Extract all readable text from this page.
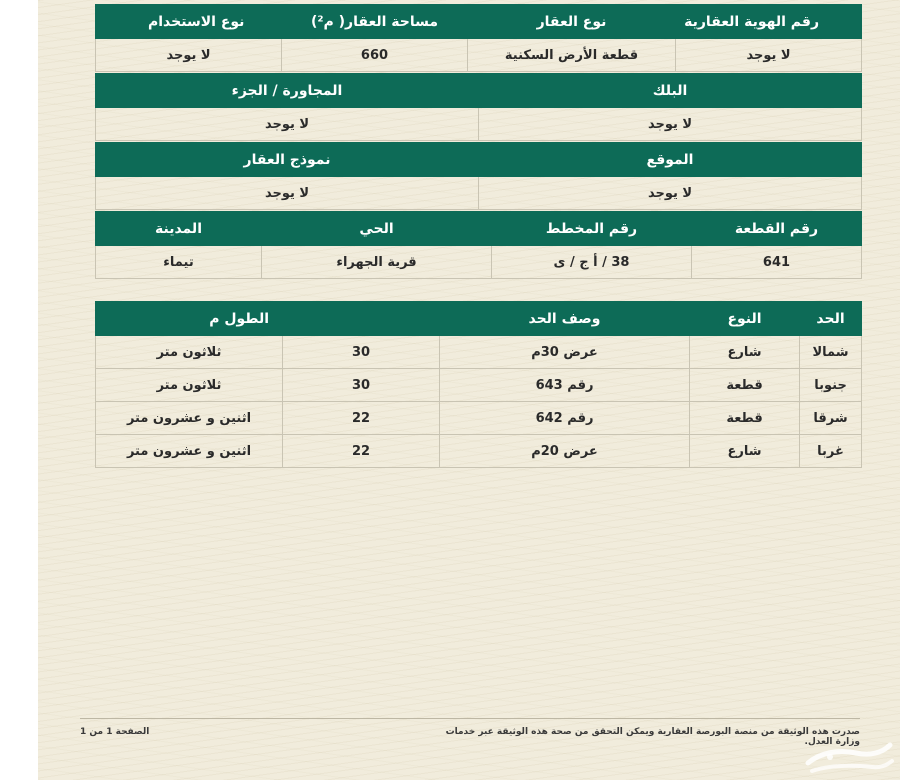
رقم الهوية العقارية	نوع العقار	مساحة العقار( م²)	نوع الاستخدام
لا يوجد	قطعة الأرض السكنية	660	لا يوجد
البلك	المجاورة / الجزء
لا يوجد	لا يوجد
الموقع	نموذج العقار
لا يوجد	لا يوجد
رقم القطعة	رقم المخطط	الحي	المدينة
641	38 / أ ج / ى	قرية الجهراء	تيماء
الحد	النوع	وصف الحد	الطول م	
شمالا	شارع	عرض 30م	30	ثلاثون متر
جنوبا	قطعة	رقم 643	30	ثلاثون متر
شرقا	قطعة	رقم 642	22	اثنين و عشرون متر
غربا	شارع	عرض 20م	22	اثنين و عشرون متر
صدرت هذه الوثيقة من منصة البورصة العقارية ويمكن التحقق من صحة هذه الوثيقة عبر خدمات وزارة العدل.
الصفحة 1 من 1
